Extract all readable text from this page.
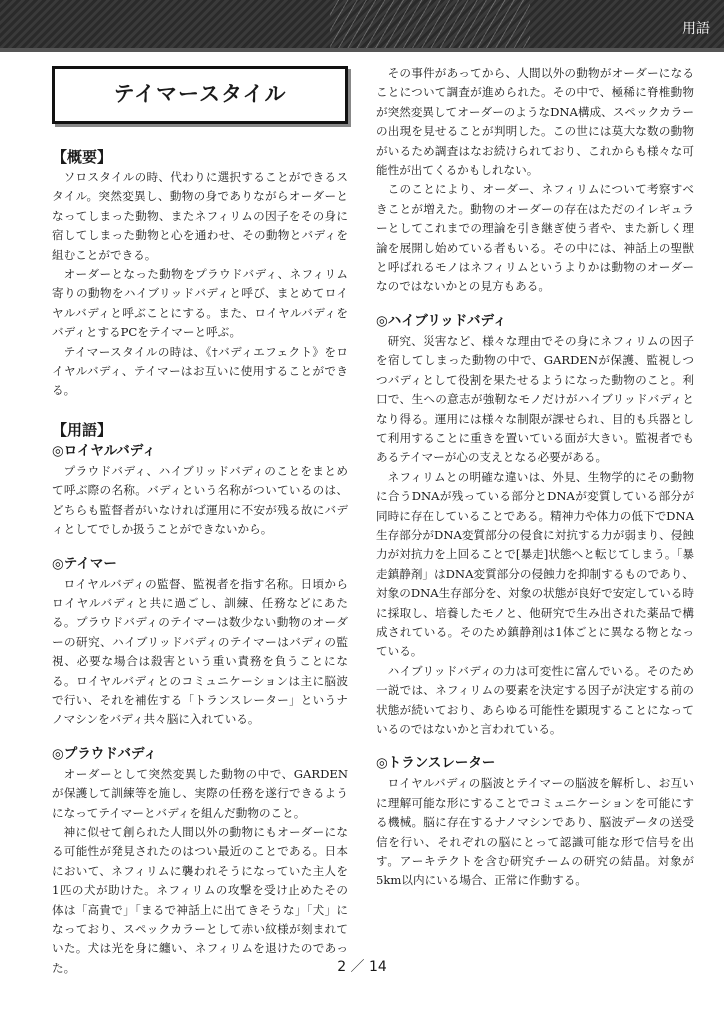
用語
テイマースタイル
【概要】

ソロスタイルの時、代わりに選択することができるスタイル。突然変異し、動物の身でありながらオーダーとなってしまった動物、またネフィリムの因子をその身に宿してしまった動物と心を通わせ、その動物とバディを組むことができる。

オーダーとなった動物をプラウドバディ、ネフィリム寄りの動物をハイブリッドバディと呼び、まとめてロイヤルバディと呼ぶことにする。また、ロイヤルバディをバディとするPCをテイマーと呼ぶ。

テイマースタイルの時は、《†バディエフェクト》をロイヤルバディ、テイマーはお互いに使用することができる。

【用語】
◎ロイヤルバディ

プラウドバディ、ハイブリッドバディのことをまとめて呼ぶ際の名称。バディという名称がついているのは、どちらも監督者がいなければ運用に不安が残る故にバディとしてでしか扱うことができないから。

◎テイマー

ロイヤルバディの監督、監視者を指す名称。日頃からロイヤルバディと共に過ごし、訓練、任務などにあたる。プラウドバディのテイマーは数少ない動物のオーダーの研究、ハイブリッドバディのテイマーはバディの監視、必要な場合は殺害という重い責務を負うことになる。ロイヤルバディとのコミュニケーションは主に脳波で行い、それを補佐する「トランスレーター」というナノマシンをバディ共々脳に入れている。

◎プラウドバディ

オーダーとして突然変異した動物の中で、GARDENが保護して訓練等を施し、実際の任務を遂行できるようになってテイマーとバディを組んだ動物のこと。

神に似せて創られた人間以外の動物にもオーダーになる可能性が発見されたのはつい最近のことである。日本において、ネフィリムに襲われそうになっていた主人を1匹の犬が助けた。ネフィリムの攻撃を受け止めたその体は「高貴で」「まるで神話上に出てきそうな」「犬」になっており、スペックカラーとして赤い紋様が刻まれていた。犬は光を身に纏い、ネフィリムを退けたのであった。

その事件があってから、人間以外の動物がオーダーになることについて調査が進められた。その中で、極稀に脊椎動物が突然変異してオーダーのようなDNA構成、スペックカラーの出現を見せることが判明した。この世には莫大な数の動物がいるため調査はなお続けられており、これからも様々な可能性が出てくるかもしれない。

このことにより、オーダー、ネフィリムについて考察すべきことが増えた。動物のオーダーの存在はただのイレギュラーとしてこれまでの理論を引き継ぎ使う者や、また新しく理論を展開し始めている者もいる。その中には、神話上の聖獣と呼ばれるモノはネフィリムというよりかは動物のオーダーなのではないかとの見方もある。

◎ハイブリッドバディ

研究、災害など、様々な理由でその身にネフィリムの因子を宿してしまった動物の中で、GARDENが保護、監視しつつバディとして役割を果たせるようになった動物のこと。利口で、生への意志が強靭なモノだけがハイブリッドバディとなり得る。運用には様々な制限が課せられ、目的も兵器として利用することに重きを置いている面が大きい。監視者でもあるテイマーが心の支えとなる必要がある。

ネフィリムとの明確な違いは、外見、生物学的にその動物に合うDNAが残っている部分とDNAが変質している部分が同時に存在していることである。精神力や体力の低下でDNA生存部分がDNA変質部分の侵食に対抗する力が弱まり、侵蝕力が対抗力を上回ることで[暴走]状態へと転じてしまう。「暴走鎮静剤」はDNA変質部分の侵蝕力を抑制するものであり、対象のDNA生存部分を、対象の状態が良好で安定している時に採取し、培養したモノと、他研究で生み出された薬品で構成されている。そのため鎮静剤は1体ごとに異なる物となっている。

ハイブリッドバディの力は可変性に富んでいる。そのため一説では、ネフィリムの要素を決定する因子が決定する前の状態が続いており、あらゆる可能性を顕現することになっているのではないかと言われている。

◎トランスレーター

ロイヤルバディの脳波とテイマーの脳波を解析し、お互いに理解可能な形にすることでコミュニケーションを可能にする機械。脳に存在するナノマシンであり、脳波データの送受信を行い、それぞれの脳にとって認識可能な形で信号を出す。アーキテクトを含む研究チームの研究の結晶。対象が5km以内にいる場合、正常に作動する。

2 ／ 14
